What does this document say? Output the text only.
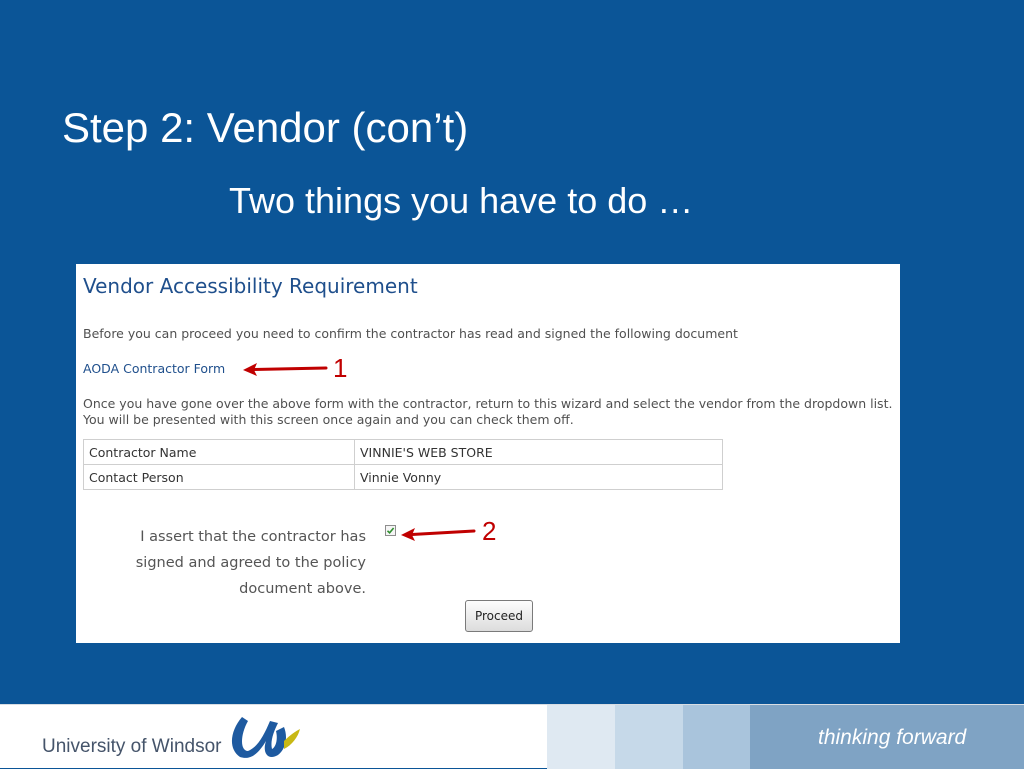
Step 2: Vendor (con’t)
Two things you have to do …
Vendor Accessibility Requirement
Before you can proceed you need to confirm the contractor has read and signed the following document
AODA Contractor Form
Once you have gone over the above form with the contractor, return to this wizard and select the vendor from the dropdown list. You will be presented with this screen once again and you can check them off.
Contractor Name	VINNIE'S WEB STORE
Contact Person	Vinnie Vonny
I assert that the contractor has signed and agreed to the policy document above.
Proceed
1
2
University of Windsor	thinking forward
